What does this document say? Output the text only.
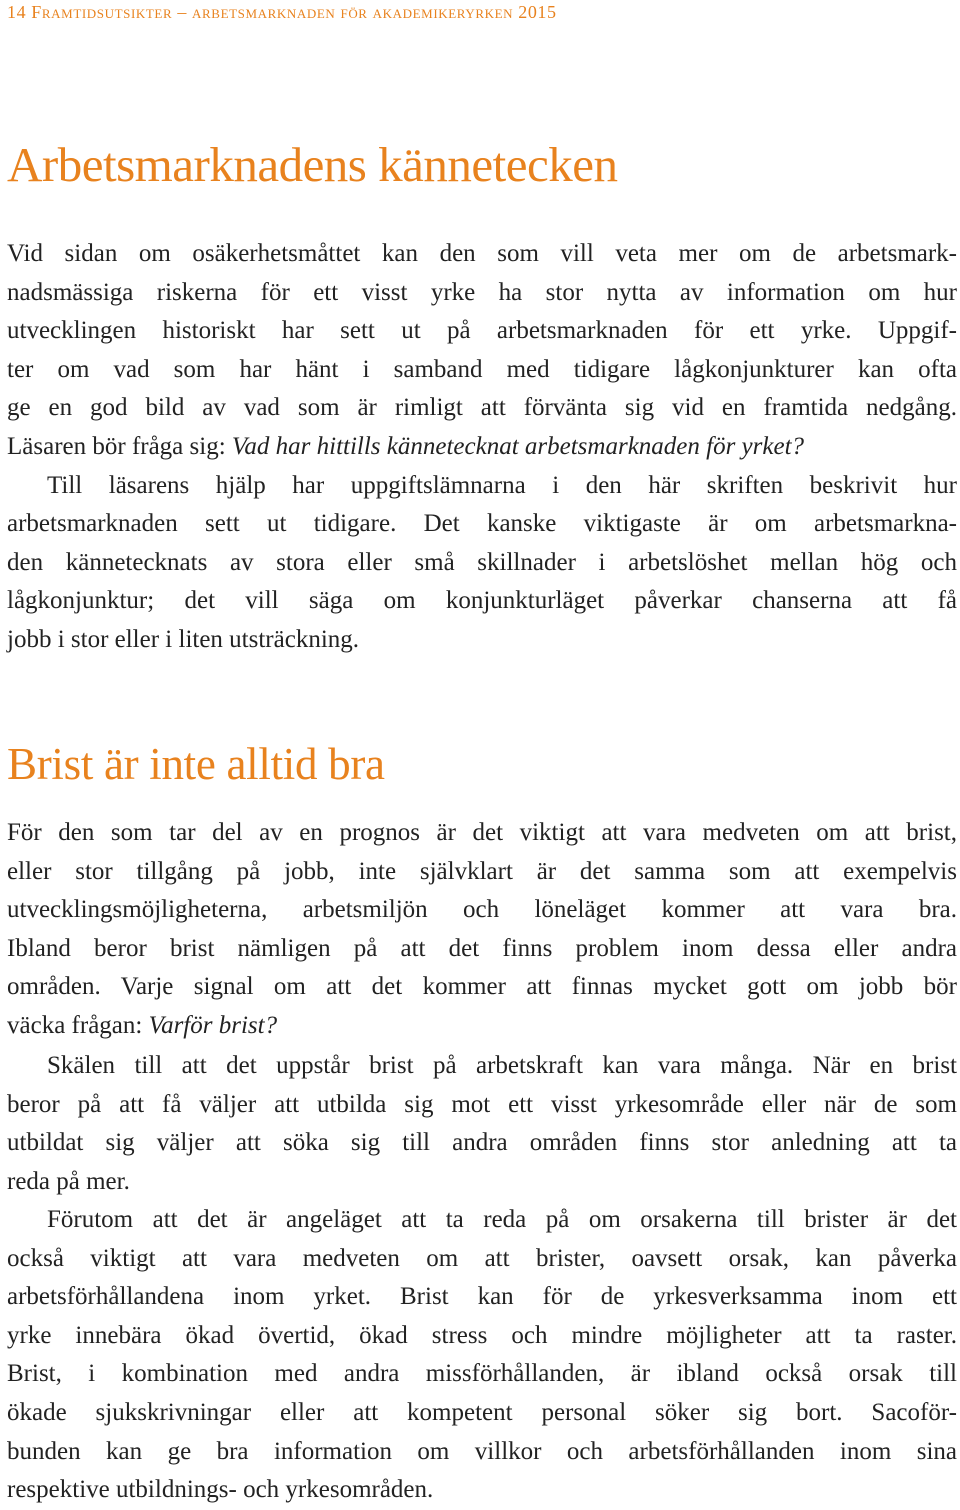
14 Framtidsutsikter – arbetsmarknaden för akademikeryrken 2015
Arbetsmarknadens kännetecken
Vid sidan om osäkerhetsmåttet kan den som vill veta mer om de arbetsmark-
nadsmässiga riskerna för ett visst yrke ha stor nytta av information om hur
utvecklingen historiskt har sett ut på arbetsmarknaden för ett yrke. Uppgif-
ter om vad som har hänt i samband med tidigare lågkonjunkturer kan ofta
ge en god bild av vad som är rimligt att förvänta sig vid en framtida nedgång.
Läsaren bör fråga sig: Vad har hittills kännetecknat arbetsmarknaden för yrket?
Till läsarens hjälp har uppgiftslämnarna i den här skriften beskrivit hur
arbetsmarknaden sett ut tidigare. Det kanske viktigaste är om arbetsmarkna-
den kännetecknats av stora eller små skillnader i arbetslöshet mellan hög och
lågkonjunktur; det vill säga om konjunkturläget påverkar chanserna att få
jobb i stor eller i liten utsträckning.
Brist är inte alltid bra
För den som tar del av en prognos är det viktigt att vara medveten om att brist,
eller stor tillgång på jobb, inte självklart är det samma som att exempelvis
utvecklingsmöjligheterna, arbetsmiljön och löneläget kommer att vara bra.
Ibland beror brist nämligen på att det finns problem inom dessa eller andra
områden. Varje signal om att det kommer att finnas mycket gott om jobb bör
väcka frågan: Varför brist?
Skälen till att det uppstår brist på arbetskraft kan vara många. När en brist
beror på att få väljer att utbilda sig mot ett visst yrkesområde eller när de som
utbildat sig väljer att söka sig till andra områden finns stor anledning att ta
reda på mer.
Förutom att det är angeläget att ta reda på om orsakerna till brister är det
också viktigt att vara medveten om att brister, oavsett orsak, kan påverka
arbetsförhållandena inom yrket. Brist kan för de yrkesverksamma inom ett
yrke innebära ökad övertid, ökad stress och mindre möjligheter att ta raster.
Brist, i kombination med andra missförhållanden, är ibland också orsak till
ökade sjukskrivningar eller att kompetent personal söker sig bort. Sacoför-
bunden kan ge bra information om villkor och arbetsförhållanden inom sina
respektive utbildnings- och yrkesområden.
